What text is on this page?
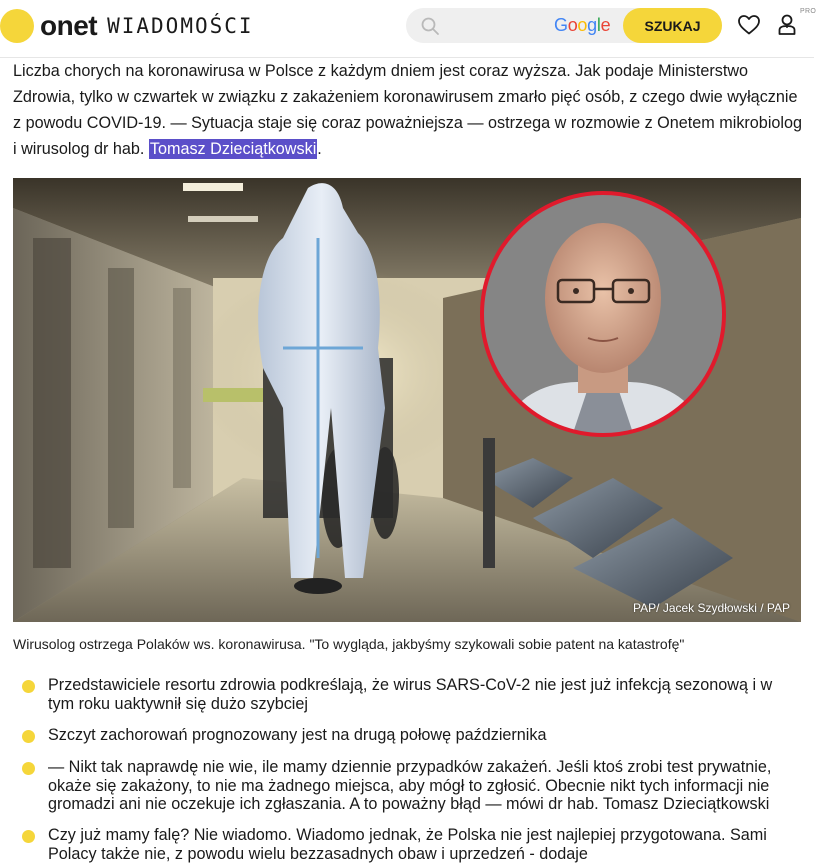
onet WIADOMOŚCI	Google	SZUKAJ
PRO

Liczba chorych na koronawirusa w Polsce z każdym dniem jest coraz wyższa. Jak podaje Ministerstwo Zdrowia, tylko w czwartek w związku z zakażeniem koronawirusem zmarło pięć osób, z czego dwie wyłącznie z powodu COVID-19. — Sytuacja staje się coraz poważniejsza — ostrzega w rozmowie z Onetem mikrobiolog i wirusolog dr hab. Tomasz Dzieciątkowski.

PAP/ Jacek Szydłowski / PAP

Wirusolog ostrzega Polaków ws. koronawirusa. "To wygląda, jakbyśmy szykowali sobie patent na katastrofę"

Przedstawiciele resortu zdrowia podkreślają, że wirus SARS-CoV-2 nie jest już infekcją sezonową i w tym roku uaktywnił się dużo szybciej
Szczyt zachorowań prognozowany jest na drugą połowę października
— Nikt tak naprawdę nie wie, ile mamy dziennie przypadków zakażeń. Jeśli ktoś zrobi test prywatnie, okaże się zakażony, to nie ma żadnego miejsca, aby mógł to zgłosić. Obecnie nikt tych informacji nie gromadzi ani nie oczekuje ich zgłaszania. A to poważny błąd — mówi dr hab. Tomasz Dzieciątkowski
Czy już mamy falę? Nie wiadomo. Wiadomo jednak, że Polska nie jest najlepiej przygotowana. Sami Polacy także nie, z powodu wielu bezzasadnych obaw i uprzedzeń - dodaje
